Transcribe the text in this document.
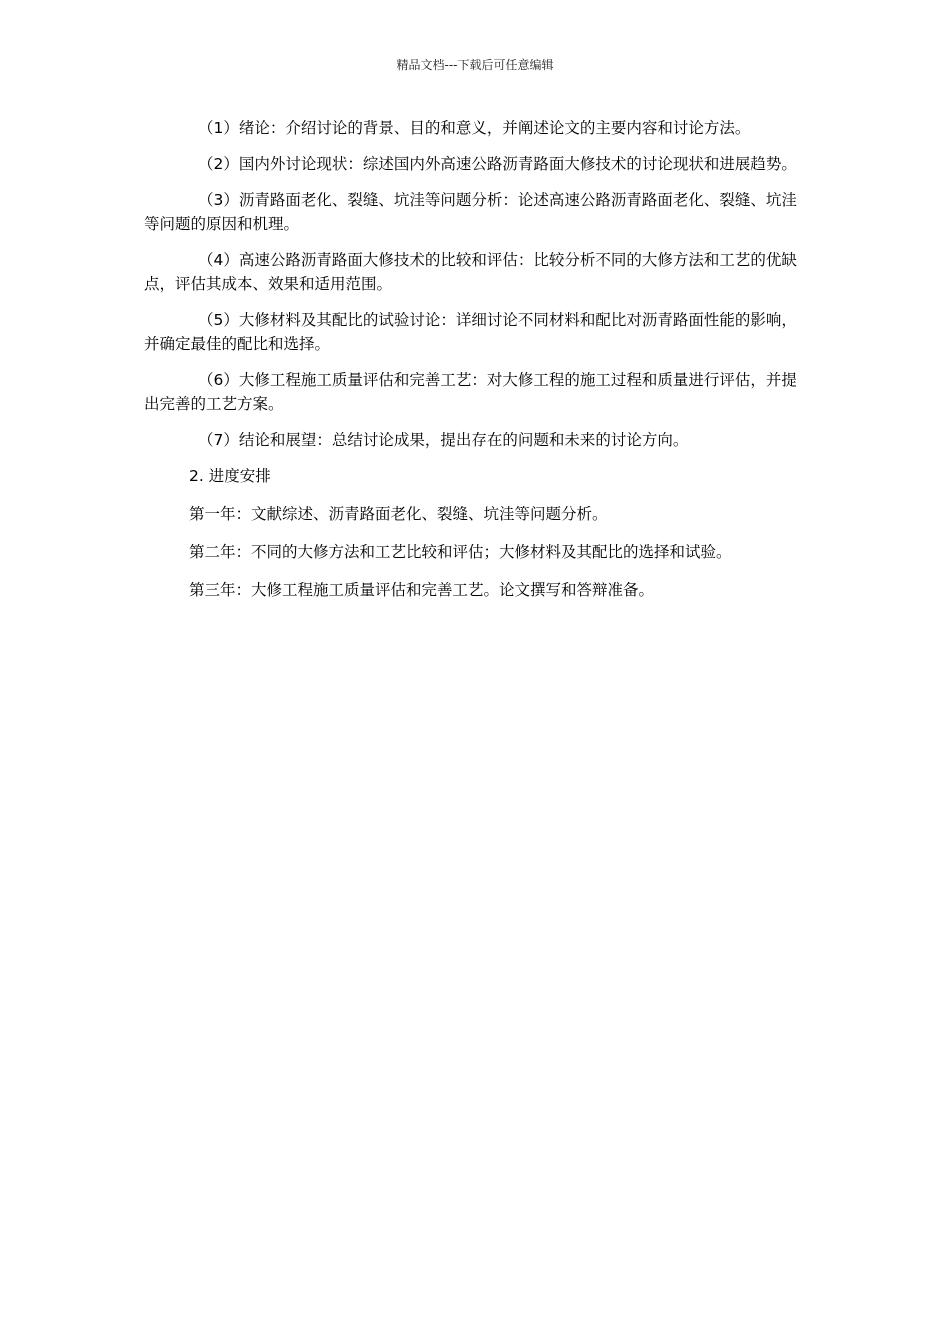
精品文档---下载后可任意编辑

（1）绪论：介绍讨论的背景、目的和意义，并阐述论文的主要内容和讨论方法。

（2）国内外讨论现状：综述国内外高速公路沥青路面大修技术的讨论现状和进展趋势。

（3）沥青路面老化、裂缝、坑洼等问题分析：论述高速公路沥青路面老化、裂缝、坑洼等问题的原因和机理。

（4）高速公路沥青路面大修技术的比较和评估：比较分析不同的大修方法和工艺的优缺点，评估其成本、效果和适用范围。

（5）大修材料及其配比的试验讨论：详细讨论不同材料和配比对沥青路面性能的影响，并确定最佳的配比和选择。

（6）大修工程施工质量评估和完善工艺：对大修工程的施工过程和质量进行评估，并提出完善的工艺方案。

（7）结论和展望：总结讨论成果，提出存在的问题和未来的讨论方向。

2. 进度安排

第一年：文献综述、沥青路面老化、裂缝、坑洼等问题分析。

第二年：不同的大修方法和工艺比较和评估；大修材料及其配比的选择和试验。

第三年：大修工程施工质量评估和完善工艺。论文撰写和答辩准备。
